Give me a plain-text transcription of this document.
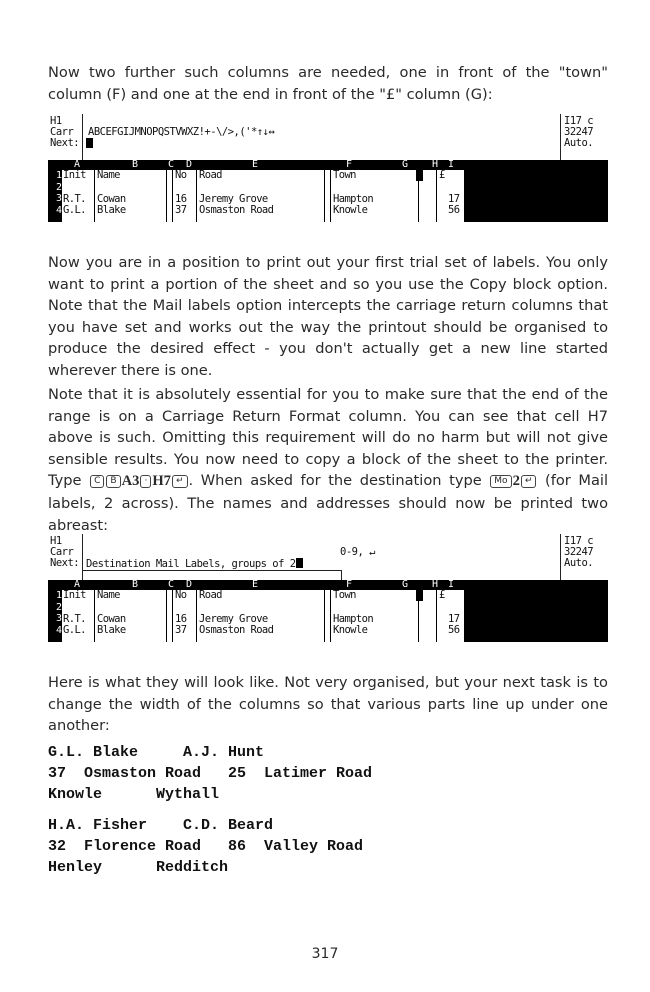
Now two further such columns are needed, one in front of the "town" column (F) and one at the end in front of the "£" column (G):

H1
Carr
Next:
ABCEFGIJMNOPQSTVWXZ!+-\/>,('*↑↓↔
I17 c
32247
Auto.
A	B	C D	E	F	G H I
1
2
3
4
Init Name	No Road	Town	£
R.T. Cowan	16 Jeremy Grove	Hampton	17
G.L. Blake	37 Osmaston Road	Knowle	56

Now you are in a position to print out your first trial set of labels. You only want to print a portion of the sheet and so you use the Copy block option. Note that the Mail labels option intercepts the carriage return columns that you have set and works out the way the printout should be organised to produce the desired effect - you don't actually get a new line started wherever there is one.

Note that it is absolutely essential for you to make sure that the end of the range is on a Carriage Return Format column. You can see that cell H7 above is such. Omitting this requirement will do no harm but will not give sensible results. You now need to copy a block of the sheet to the printer. Type C B A3 · H7 ↵ . When asked for the destination type Mo 2 ↵ (for Mail labels, 2 across). The names and addresses should now be printed two abreast:

H1
Carr
Next:
0-9, ↵
Destination Mail Labels, groups of 2
I17 c
32247
Auto.
A	B	C D	E	F	G H I
1
2
3
4
Init Name	No Road	Town	£
R.T. Cowan	16 Jeremy Grove	Hampton	17
G.L. Blake	37 Osmaston Road	Knowle	56

Here is what they will look like. Not very organised, but your next task is to change the width of the columns so that various parts line up under one another:

G.L. Blake     A.J. Hunt
37  Osmaston Road   25  Latimer Road
Knowle      Wythall
H.A. Fisher    C.D. Beard
32  Florence Road   86  Valley Road
Henley      Redditch
317
